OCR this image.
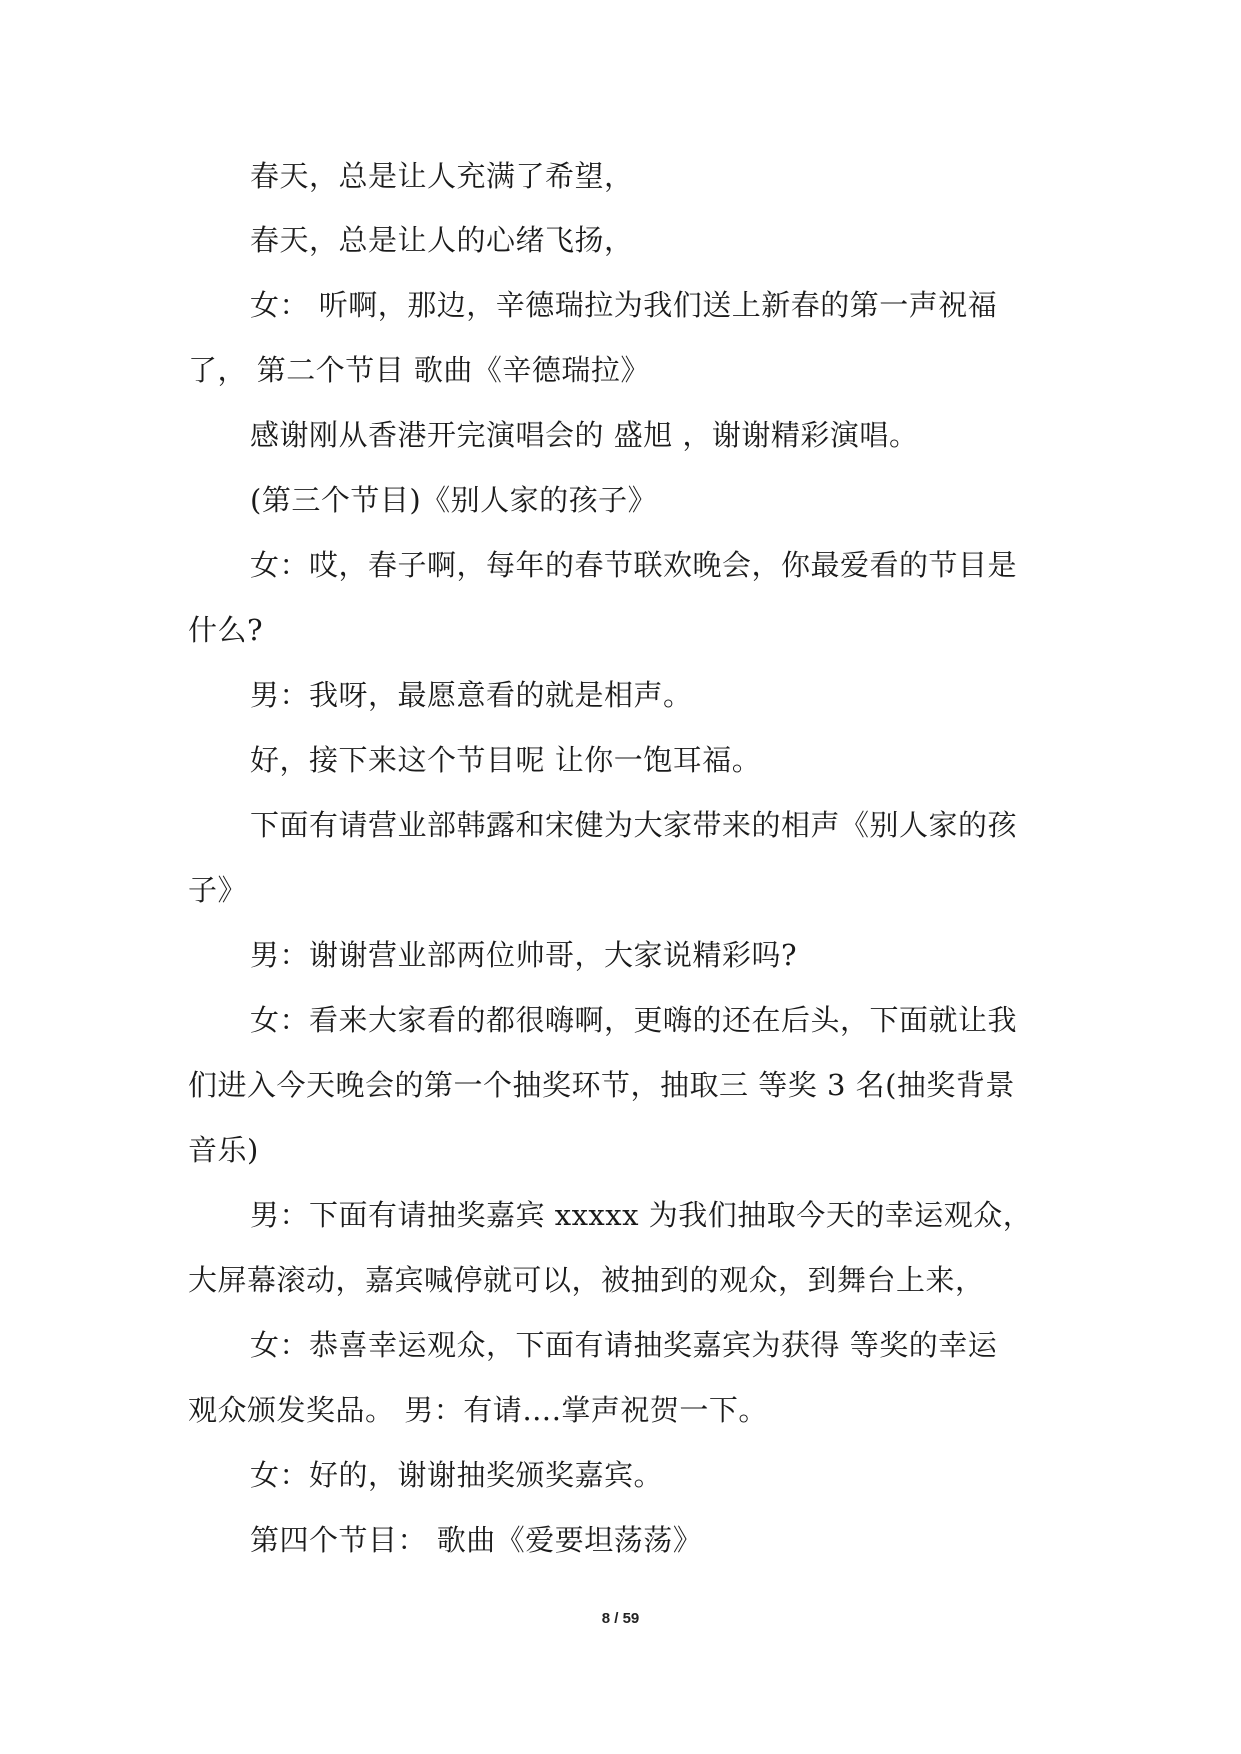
春天，总是让人充满了希望，
春天，总是让人的心绪飞扬，
女： 听啊，那边，辛德瑞拉为我们送上新春的第一声祝福
了， 第二个节目 歌曲《辛德瑞拉》
感谢刚从香港开完演唱会的 盛旭 ，谢谢精彩演唱。
(第三个节目)《别人家的孩子》
女：哎，春子啊，每年的春节联欢晚会，你最爱看的节目是
什么?
男：我呀，最愿意看的就是相声。
好，接下来这个节目呢 让你一饱耳福。
下面有请营业部韩露和宋健为大家带来的相声《别人家的孩
子》
男：谢谢营业部两位帅哥，大家说精彩吗?
女：看来大家看的都很嗨啊，更嗨的还在后头，下面就让我
们进入今天晚会的第一个抽奖环节，抽取三 等奖 3 名(抽奖背景
音乐)
男：下面有请抽奖嘉宾 xxxxx 为我们抽取今天的幸运观众，
大屏幕滚动，嘉宾喊停就可以，被抽到的观众，到舞台上来，
女：恭喜幸运观众，下面有请抽奖嘉宾为获得 等奖的幸运
观众颁发奖品。 男：有请….掌声祝贺一下。
女：好的，谢谢抽奖颁奖嘉宾。
第四个节目： 歌曲《爱要坦荡荡》
8 / 59
